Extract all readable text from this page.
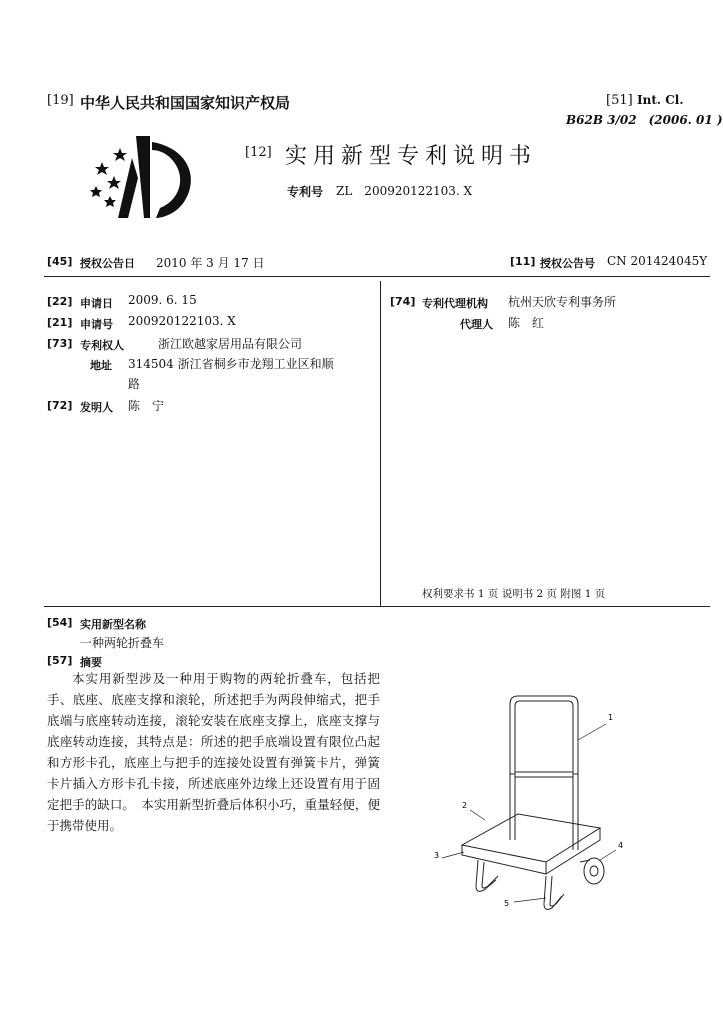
[19] 中华人民共和国国家知识产权局	[51] Int. Cl.
B62B 3/02　(2006. 01 )
[12] 实用新型专利说明书
专利号 ZL　200920122103. X
[45] 授权公告日 2010 年 3 月 17 日	[11] 授权公告号 CN 201424045Y
[22] 申请日 2009. 6. 15
[21] 申请号 200920122103. X
[73] 专利权人	浙江欧越家居用品有限公司
地址 314504 浙江省桐乡市龙翔工业区和顺
路
[72] 发明人 陈　宁
[74] 专利代理机构 杭州天欣专利事务所
代理人 陈　红
权利要求书 1 页 说明书 2 页 附图 1 页
[54] 实用新型名称
一种两轮折叠车
[57] 摘要
本实用新型涉及一种用于购物的两轮折叠车，包括把手、底座、底座支撑和滚轮，所述把手为两段伸缩式，把手底端与底座转动连接，滚轮安装在底座支撑上，底座支撑与底座转动连接，其特点是：所述的把手底端设置有限位凸起和方形卡孔，底座上与把手的连接处设置有弹簧卡片，弹簧卡片插入方形卡孔卡接，所述底座外边缘上还设置有用于固定把手的缺口。　本实用新型折叠后体积小巧，重量轻便，便于携带使用。
1
2
3
4
5
